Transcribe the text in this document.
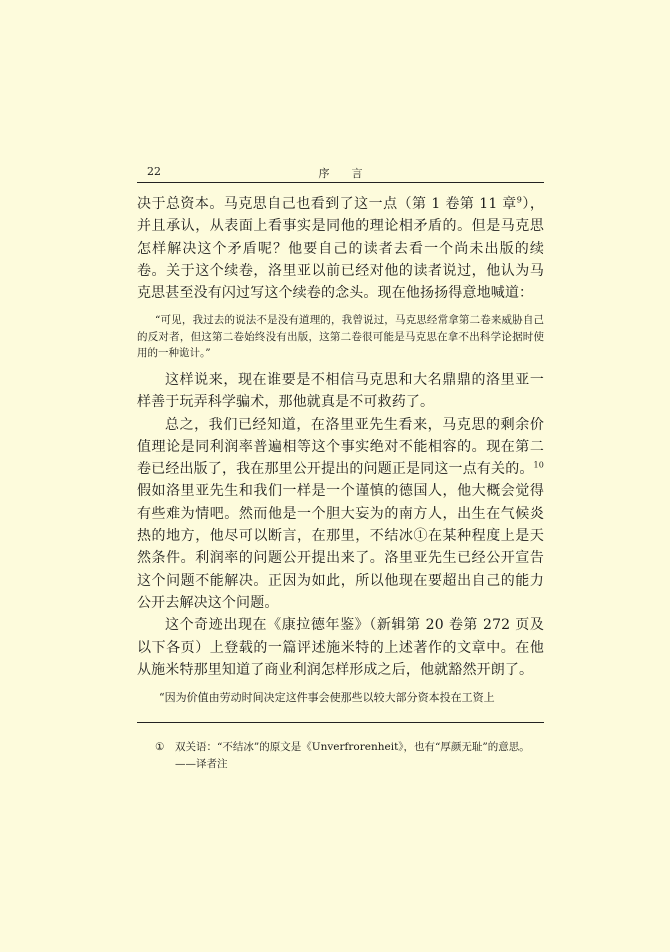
22	序言

决于总资本。马克思自己也看到了这一点（第 1 卷第 11 章$^9$），并且承认，从表面上看事实是同他的理论相矛盾的。但是马克思怎样解决这个矛盾呢？他要自己的读者去看一个尚未出版的续卷。关于这个续卷，洛里亚以前已经对他的读者说过，他认为马克思甚至没有闪过写这个续卷的念头。现在他扬扬得意地喊道：

“可见，我过去的说法不是没有道理的，我曾说过，马克思经常拿第二卷来威胁自己的反对者，但这第二卷始终没有出版，这第二卷很可能是马克思在拿不出科学论据时使用的一种诡计。”

这样说来，现在谁要是不相信马克思和大名鼎鼎的洛里亚一样善于玩弄科学骗术，那他就真是不可救药了。

总之，我们已经知道，在洛里亚先生看来，马克思的剩余价值理论是同利润率普遍相等这个事实绝对不能相容的。现在第二卷已经出版了，我在那里公开提出的问题正是同这一点有关的。$^{10}$假如洛里亚先生和我们一样是一个谨慎的德国人，他大概会觉得有些难为情吧。然而他是一个胆大妄为的南方人，出生在气候炎热的地方，他尽可以断言，在那里，不结冰①在某种程度上是天然条件。利润率的问题公开提出来了。洛里亚先生已经公开宣告这个问题不能解决。正因为如此，所以他现在要超出自己的能力公开去解决这个问题。

这个奇迹出现在《康拉德年鉴》（新辑第 20 卷第 272 页及以下各页）上登载的一篇评述施米特的上述著作的文章中。在他从施米特那里知道了商业利润怎样形成之后，他就豁然开朗了。

“因为价值由劳动时间决定这件事会使那些以较大部分资本投在工资上

① 双关语：“不结冰”的原文是《Unverfrorenheit》，也有“厚颜无耻”的意思。——译者注
